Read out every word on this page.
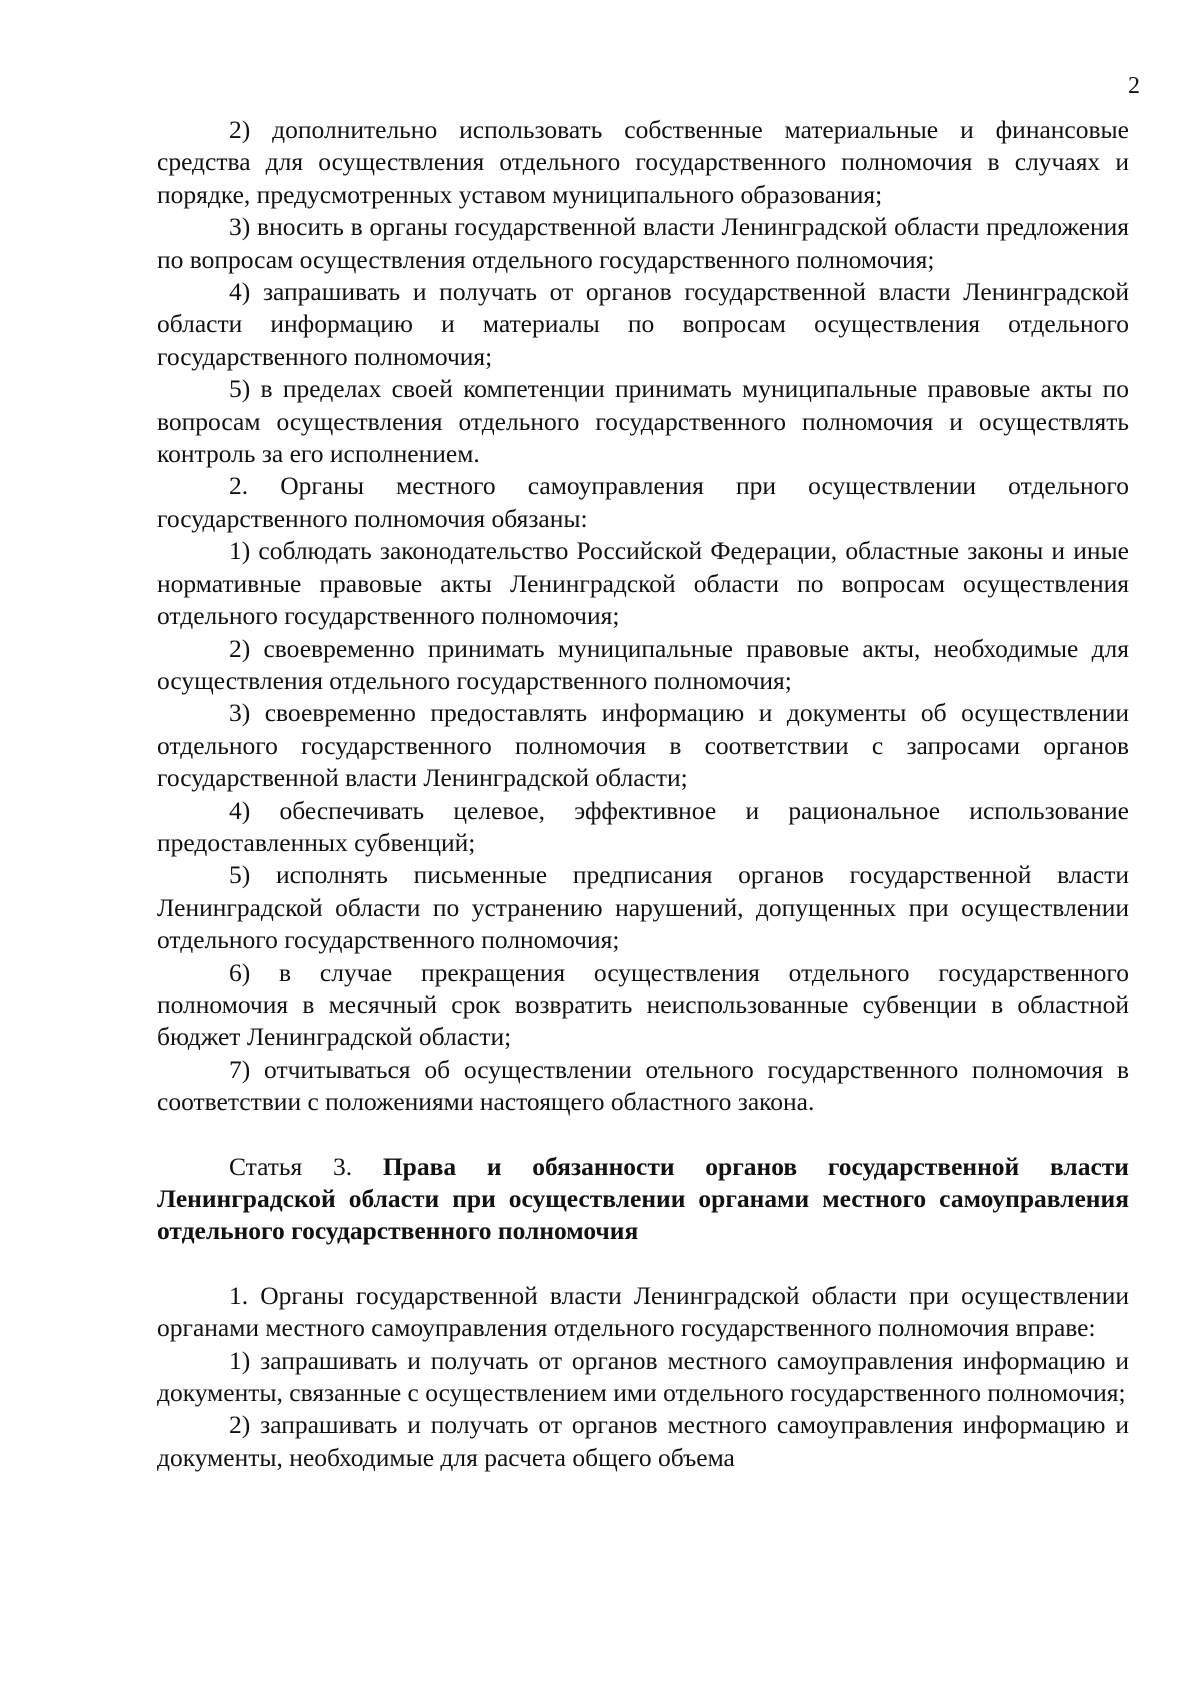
2

2) дополнительно использовать собственные материальные и финансовые средства для осуществления отдельного государственного полномочия в случаях и порядке, предусмотренных уставом муниципального образования;

3) вносить в органы государственной власти Ленинградской области предложения по вопросам осуществления отдельного государственного полномочия;

4) запрашивать и получать от органов государственной власти Ленинградской области информацию и материалы по вопросам осуществления отдельного государственного полномочия;

5) в пределах своей компетенции принимать муниципальные правовые акты по вопросам осуществления отдельного государственного полномочия и осуществлять контроль за его исполнением.

2. Органы местного самоуправления при осуществлении отдельного государственного полномочия обязаны:

1) соблюдать законодательство Российской Федерации, областные законы и иные нормативные правовые акты Ленинградской области по вопросам осуществления отдельного государственного полномочия;

2) своевременно принимать муниципальные правовые акты, необходимые для осуществления отдельного государственного полномочия;

3) своевременно предоставлять информацию и документы об осуществлении отдельного государственного полномочия в соответствии с запросами органов государственной власти Ленинградской области;

4) обеспечивать целевое, эффективное и рациональное использование предоставленных субвенций;

5) исполнять письменные предписания органов государственной власти Ленинградской области по устранению нарушений, допущенных при осуществлении отдельного государственного полномочия;

6) в случае прекращения осуществления отдельного государственного полномочия в месячный срок возвратить неиспользованные субвенции в областной бюджет Ленинградской области;

7) отчитываться об осуществлении отельного государственного полномочия в соответствии с положениями настоящего областного закона.

Статья 3. Права и обязанности органов государственной власти Ленинградской области при осуществлении органами местного самоуправления отдельного государственного полномочия

1. Органы государственной власти Ленинградской области при осуществлении органами местного самоуправления отдельного государственного полномочия вправе:

1) запрашивать и получать от органов местного самоуправления информацию и документы, связанные с осуществлением ими отдельного государственного полномочия;

2) запрашивать и получать от органов местного самоуправления информацию и документы, необходимые для расчета общего объема
